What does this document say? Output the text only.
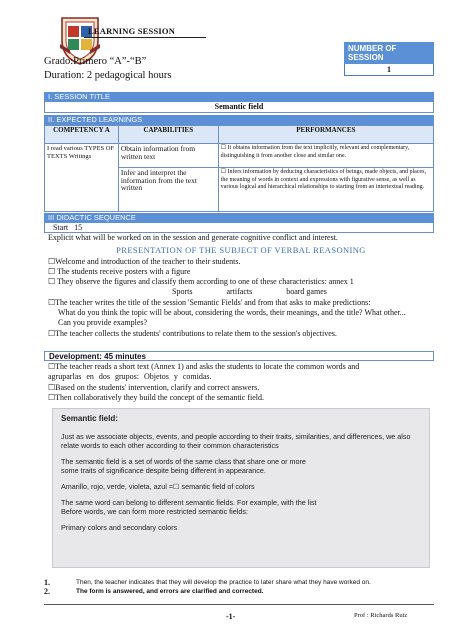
LEARNING SESSION
Grado:Primero “A”-“B”
Duration: 2 pedagogical hours
NUMBER OF SESSION
1
I. SESSION TITLE
Semantic field
II. EXPECTED LEARNINGS
COMPETENCY A	CAPABILITIES	PERFORMANCES
I read various TYPES OF TEXTS Writings	Obtain information from written text	☐ It obtains information from the text implicitly, relevant and complementary, distinguishing it from another close and similar one.
	Infer and interpret the information from the text written	☐ Infers information by deducing characteristics of beings, made objects, and places, the meaning of words in context and expressions with figurative sense, as well as various logical and hierarchical relationships to starting from an intertextual reading.
III DIDACTIC SEQUENCE
Start 15
Explicit what will be worked on in the session and generate cognitive conflict and interest.
PRESENTATION OF THE SUBJECT OF VERBAL REASONING
☐Welcome and introduction of the teacher to their students.
☐ The students receive posters with a figure
☐ They observe the figures and classify them according to one of these characteristics: annex 1
Sports	artifacts	board games
☐The teacher writes the title of the session 'Semantic Fields' and from that asks to make predictions:
What do you think the topic will be about, considering the words, their meanings, and the title? What other...
Can you provide examples?
☐The teacher collects the students' contributions to relate them to the session's objectives.
Development: 45 minutes
☐The teacher reads a short text (Annex 1) and asks the students to locate the common words and
agruparlas en dos grupos: Objetos y comidas.
☐Based on the students' intervention, clarify and correct answers.
☐Then collaboratively they build the concept of the semantic field.
Semantic field:

Just as we associate objects, events, and people according to their traits, similarities, and differences, we also relate words to each other according to their common characteristics

The semantic field is a set of words of the same class that share one or more
some traits of significance despite being different in appearance.

Amarillo, rojo, verde, violeta, azul =☐ semantic field of colors

The same word can belong to different semantic fields. For example, with the list
Before words, we can form more restricted semantic fields:

Primary colors and secondary colors

1.	Then, the teacher indicates that they will develop the practice to later share what they have worked on.
2.	The form is answered, and errors are clarified and corrected.
-1-	Prof : Richards Ruiz
